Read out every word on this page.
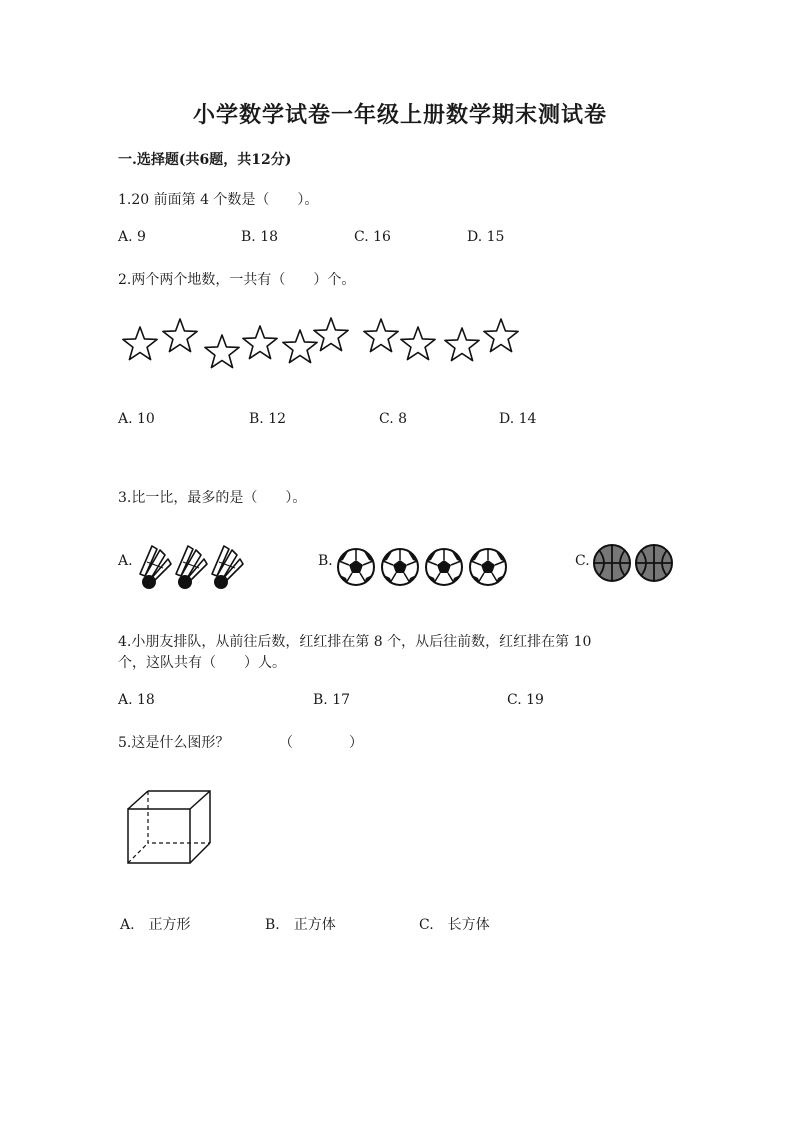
小学数学试卷一年级上册数学期末测试卷
一.选择题(共6题，共12分)
1.20 前面第 4 个数是（　　）。
A. 9	B. 18	C. 16	D. 15
2.两个两个地数，一共有（　　）个。
A. 10	B. 12	C. 8	D. 14
3.比一比，最多的是（　　）。
A.	B.	C.
4.小朋友排队，从前往后数，红红排在第 8 个，从后往前数，红红排在第 10
个，这队共有（　　）人。
A. 18	B. 17	C. 19
5.这是什么图形？	（　　　　）
A.　正方形	B.　正方体	C.　长方体
